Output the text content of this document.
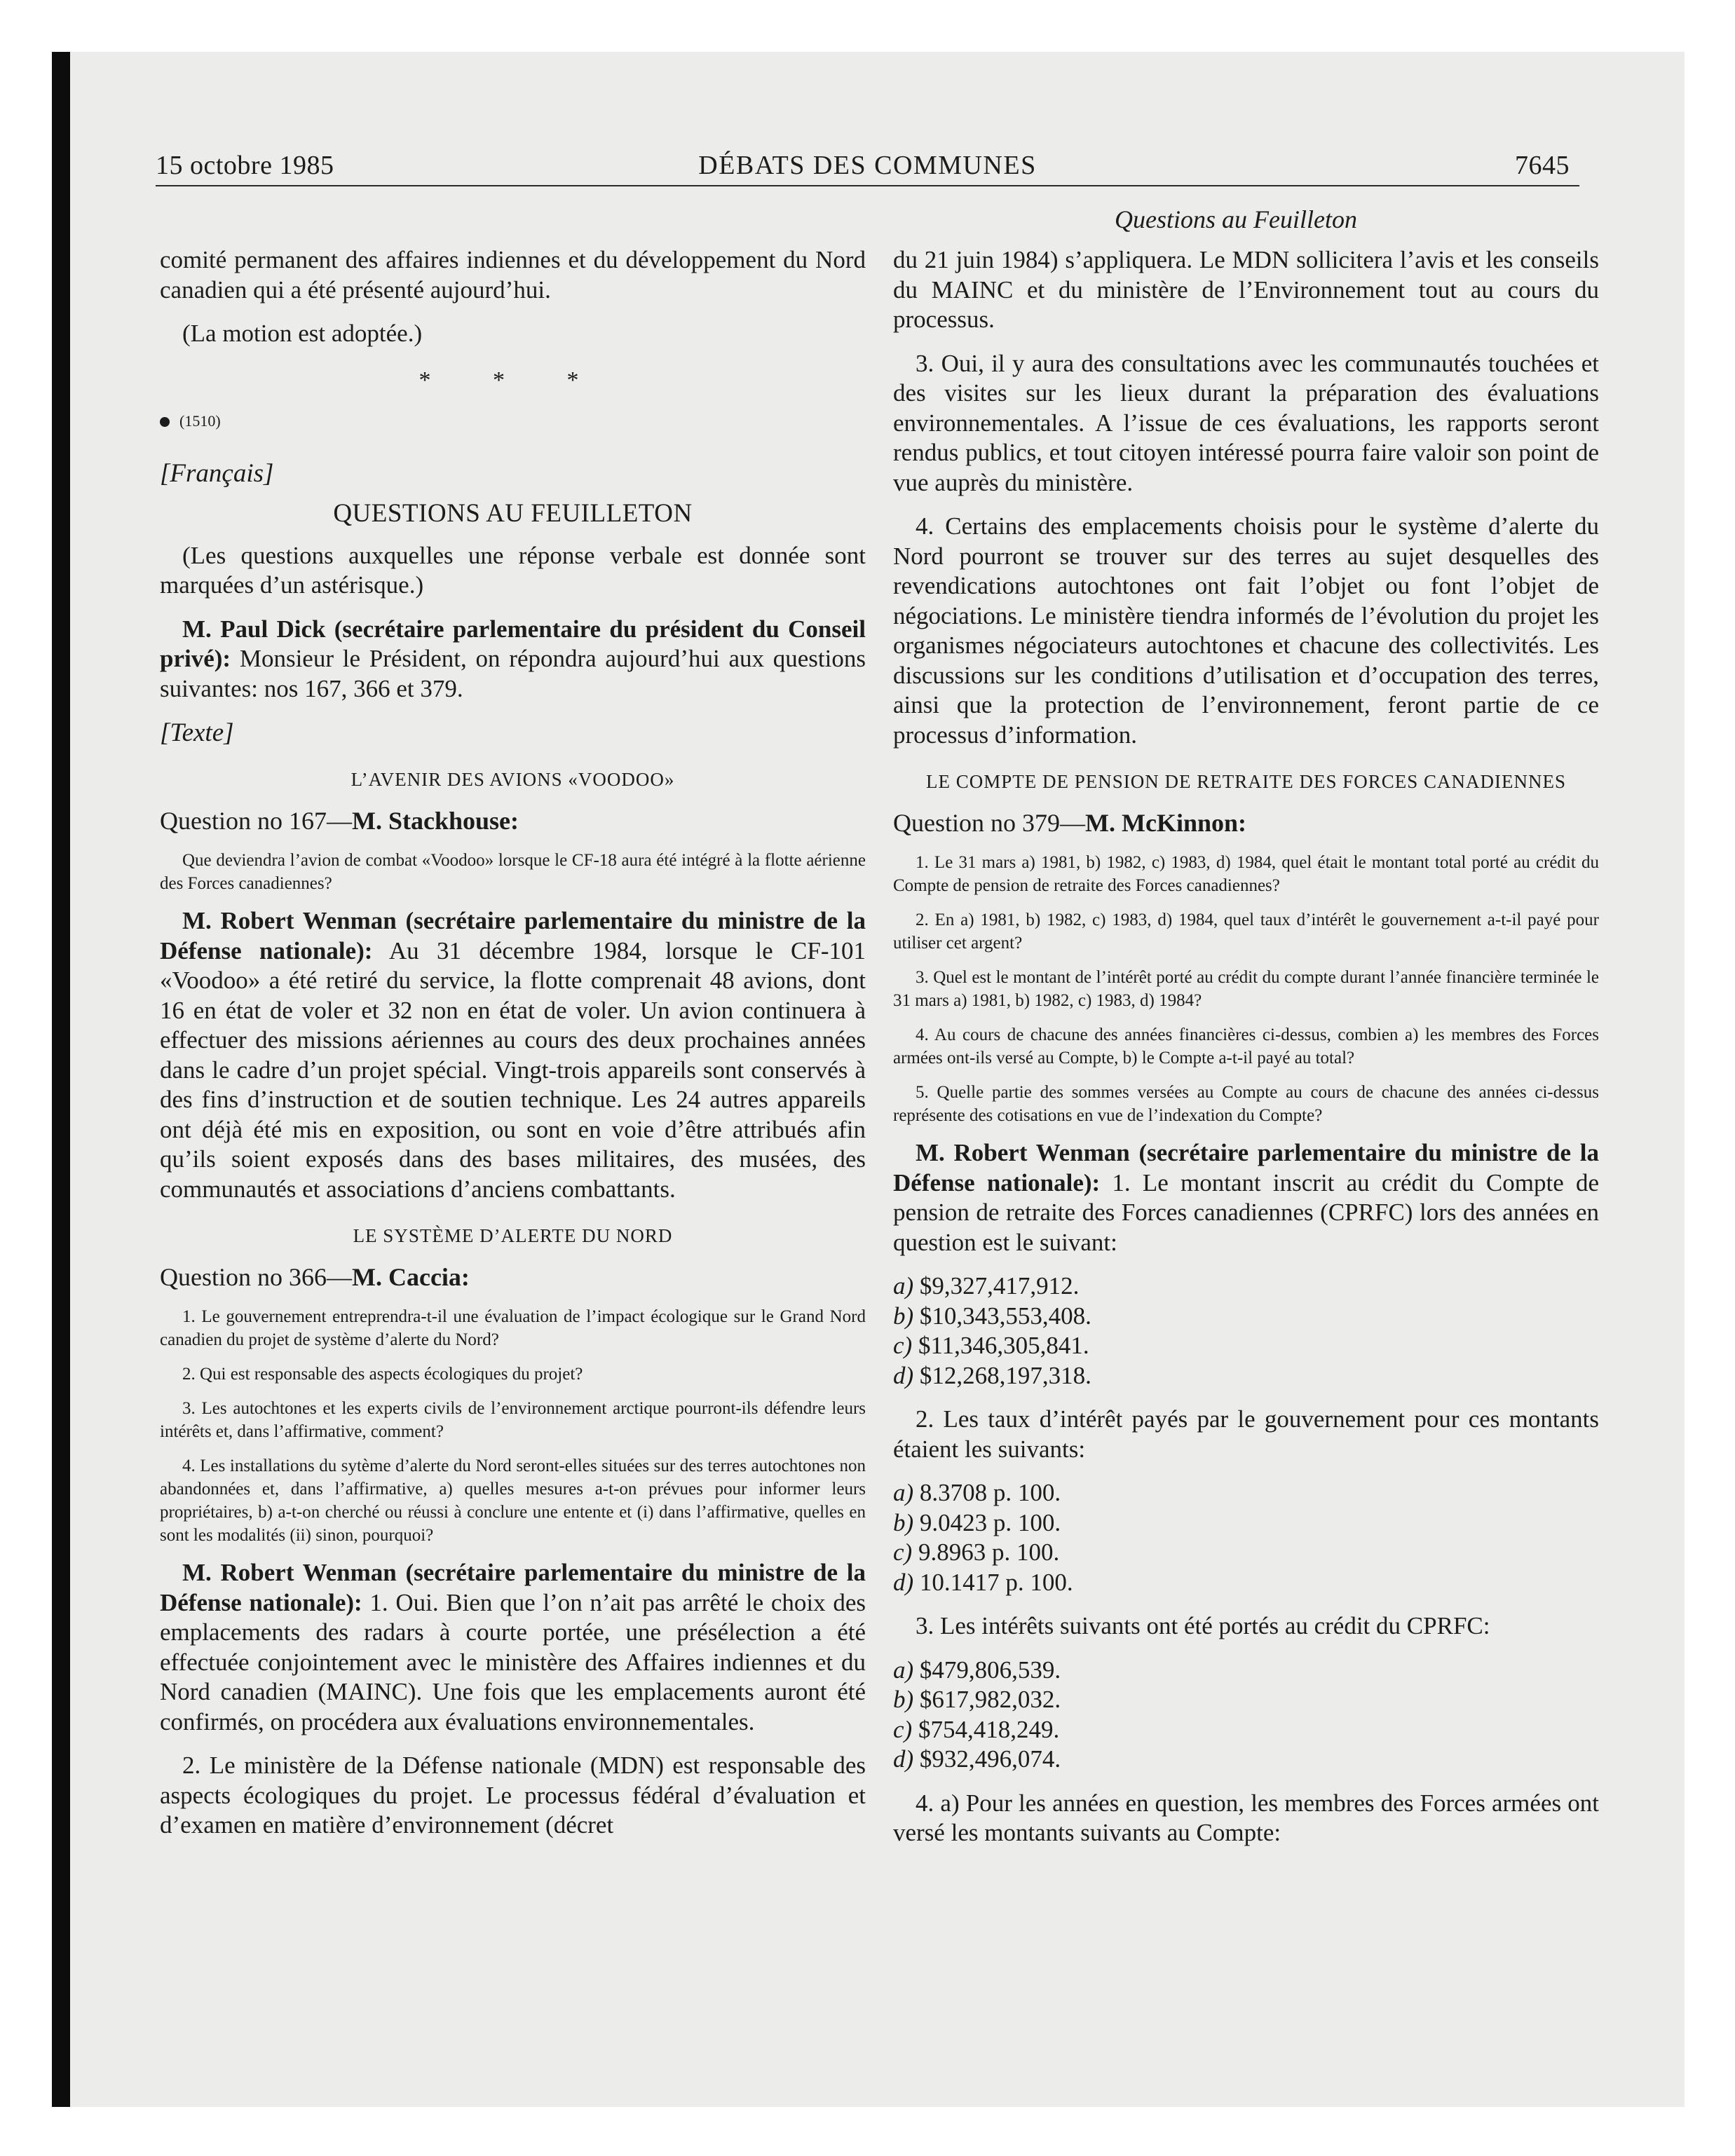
15 octobre 1985	DÉBATS DES COMMUNES	7645
Questions au Feuilleton

comité permanent des affaires indiennes et du développement du Nord canadien qui a été présenté aujourd’hui.

(La motion est adoptée.)

* * *
(1510)
[Français]
QUESTIONS AU FEUILLETON

(Les questions auxquelles une réponse verbale est donnée sont marquées d’un astérisque.)

M. Paul Dick (secrétaire parlementaire du président du Conseil privé): Monsieur le Président, on répondra aujourd’hui aux questions suivantes: nos 167, 366 et 379.

[Texte]
L’AVENIR DES AVIONS «VOODOO»
Question no 167—M. Stackhouse:

Que deviendra l’avion de combat «Voodoo» lorsque le CF-18 aura été intégré à la flotte aérienne des Forces canadiennes?

M. Robert Wenman (secrétaire parlementaire du ministre de la Défense nationale): Au 31 décembre 1984, lorsque le CF-101 «Voodoo» a été retiré du service, la flotte comprenait 48 avions, dont 16 en état de voler et 32 non en état de voler. Un avion continuera à effectuer des missions aériennes au cours des deux prochaines années dans le cadre d’un projet spécial. Vingt-trois appareils sont conservés à des fins d’instruction et de soutien technique. Les 24 autres appareils ont déjà été mis en exposition, ou sont en voie d’être attribués afin qu’ils soient exposés dans des bases militaires, des musées, des communautés et associations d’anciens combattants.

LE SYSTÈME D’ALERTE DU NORD
Question no 366—M. Caccia:

1. Le gouvernement entreprendra-t-il une évaluation de l’impact écologique sur le Grand Nord canadien du projet de système d’alerte du Nord?

2. Qui est responsable des aspects écologiques du projet?

3. Les autochtones et les experts civils de l’environnement arctique pourront-ils défendre leurs intérêts et, dans l’affirmative, comment?

4. Les installations du sytème d’alerte du Nord seront-elles situées sur des terres autochtones non abandonnées et, dans l’affirmative, a) quelles mesures a-t-on prévues pour informer leurs propriétaires, b) a-t-on cherché ou réussi à conclure une entente et (i) dans l’affirmative, quelles en sont les modalités (ii) sinon, pourquoi?

M. Robert Wenman (secrétaire parlementaire du ministre de la Défense nationale): 1. Oui. Bien que l’on n’ait pas arrêté le choix des emplacements des radars à courte portée, une présélection a été effectuée conjointement avec le ministère des Affaires indiennes et du Nord canadien (MAINC). Une fois que les emplacements auront été confirmés, on procédera aux évaluations environnementales.

2. Le ministère de la Défense nationale (MDN) est responsable des aspects écologiques du projet. Le processus fédéral d’évaluation et d’examen en matière d’environnement (décret

du 21 juin 1984) s’appliquera. Le MDN sollicitera l’avis et les conseils du MAINC et du ministère de l’Environnement tout au cours du processus.

3. Oui, il y aura des consultations avec les communautés touchées et des visites sur les lieux durant la préparation des évaluations environnementales. A l’issue de ces évaluations, les rapports seront rendus publics, et tout citoyen intéressé pourra faire valoir son point de vue auprès du ministère.

4. Certains des emplacements choisis pour le système d’alerte du Nord pourront se trouver sur des terres au sujet desquelles des revendications autochtones ont fait l’objet ou font l’objet de négociations. Le ministère tiendra informés de l’évolution du projet les organismes négociateurs autochtones et chacune des collectivités. Les discussions sur les conditions d’utilisation et d’occupation des terres, ainsi que la protection de l’environnement, feront partie de ce processus d’information.

LE COMPTE DE PENSION DE RETRAITE DES FORCES CANADIENNES
Question no 379—M. McKinnon:

1. Le 31 mars a) 1981, b) 1982, c) 1983, d) 1984, quel était le montant total porté au crédit du Compte de pension de retraite des Forces canadiennes?

2. En a) 1981, b) 1982, c) 1983, d) 1984, quel taux d’intérêt le gouvernement a-t-il payé pour utiliser cet argent?

3. Quel est le montant de l’intérêt porté au crédit du compte durant l’année financière terminée le 31 mars a) 1981, b) 1982, c) 1983, d) 1984?

4. Au cours de chacune des années financières ci-dessus, combien a) les membres des Forces armées ont-ils versé au Compte, b) le Compte a-t-il payé au total?

5. Quelle partie des sommes versées au Compte au cours de chacune des années ci-dessus représente des cotisations en vue de l’indexation du Compte?

M. Robert Wenman (secrétaire parlementaire du ministre de la Défense nationale): 1. Le montant inscrit au crédit du Compte de pension de retraite des Forces canadiennes (CPRFC) lors des années en question est le suivant:

a) $9,327,417,912.
b) $10,343,553,408.
c) $11,346,305,841.
d) $12,268,197,318.

2. Les taux d’intérêt payés par le gouvernement pour ces montants étaient les suivants:

a) 8.3708 p. 100.
b) 9.0423 p. 100.
c) 9.8963 p. 100.
d) 10.1417 p. 100.

3. Les intérêts suivants ont été portés au crédit du CPRFC:

a) $479,806,539.
b) $617,982,032.
c) $754,418,249.
d) $932,496,074.

4. a) Pour les années en question, les membres des Forces armées ont versé les montants suivants au Compte:
